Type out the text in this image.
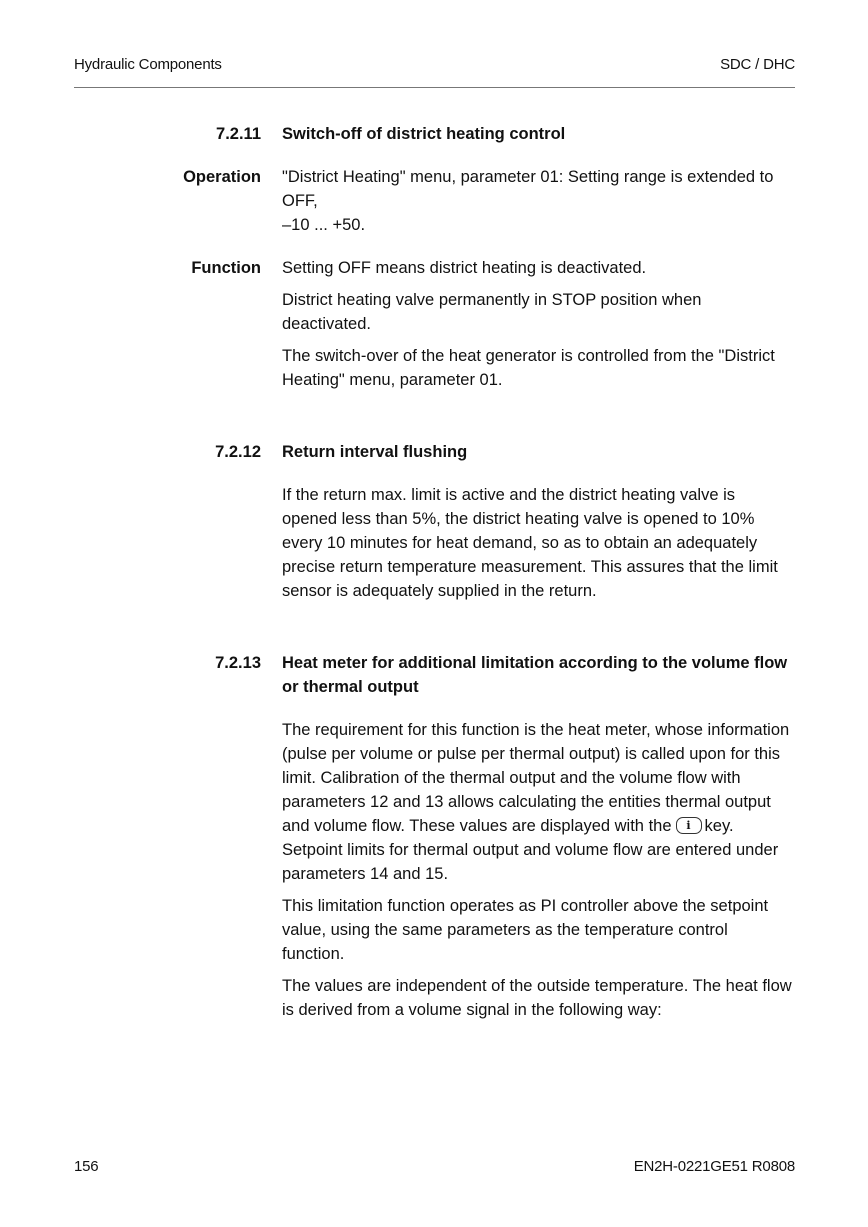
Hydraulic Components	SDC / DHC
7.2.11 Switch-off of district heating control
Operation "District Heating" menu, parameter 01: Setting range is extended to OFF,

–10 ... +50.

Function Setting OFF means district heating is deactivated.

District heating valve permanently in STOP position when deactivated.

The switch-over of the heat generator is controlled from the "District Heating" menu, parameter 01.

7.2.12 Return interval flushing

If the return max. limit is active and the district heating valve is opened less than 5%, the district heating valve is opened to 10% every 10 minutes for heat demand, so as to obtain an adequately precise return temperature measurement. This assures that the limit sensor is adequately supplied in the return.

7.2.13 Heat meter for additional limitation according to the volume flow or thermal output

The requirement for this function is the heat meter, whose information (pulse per volume or pulse per thermal output) is called upon for this limit. Calibration of the thermal output and the volume flow with parameters 12 and 13 allows calculating the entities thermal output and volume flow. These values are displayed with the i key. Setpoint limits for thermal output and volume flow are entered under parameters 14 and 15.

This limitation function operates as PI controller above the setpoint value, using the same parameters as the temperature control function.

The values are independent of the outside temperature. The heat flow is derived from a volume signal in the following way:

156	EN2H-0221GE51 R0808
